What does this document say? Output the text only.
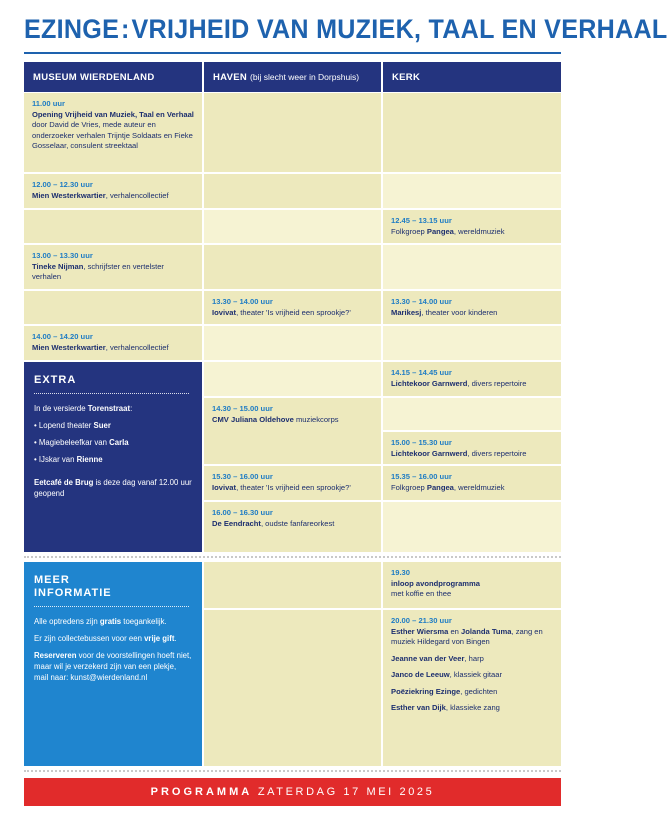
EZINGE:VRIJHEID VAN MUZIEK, TAAL EN VERHAAL
MUSEUM WIERDENLAND	HAVEN (bij slecht weer in Dorpshuis)	KERK
11.00 uur
Opening Vrijheid van Muziek, Taal en Verhaal door David de Vries, mede auteur en onderzoeker verhalen Trijntje Soldaats en Fieke Gosselaar, consulent streektaal
12.00 – 12.30 uur
Mien Westerkwartier, verhalencollectief
13.00 – 13.30 uur
Tineke Nijman, schrijfster en vertelster verhalen
14.00 – 14.20 uur
Mien Westerkwartier, verhalencollectief
EXTRA

In de versierde Torenstraat:

• Lopend theater Suer

• Magiebeleefkar van Carla

• IJskar van Rienne

Eetcafé de Brug is deze dag vanaf 12.00 uur geopend

13.30 – 14.00 uur
Iovivat, theater 'Is vrijheid een sprookje?'
14.30 – 15.00 uur
CMV Juliana Oldehove muziekcorps
15.30 – 16.00 uur
Iovivat, theater 'Is vrijheid een sprookje?'
16.00 – 16.30 uur
De Eendracht, oudste fanfareorkest
12.45 – 13.15 uur
Folkgroep Pangea, wereldmuziek
13.30 – 14.00 uur
Marikesj, theater voor kinderen
14.15 – 14.45 uur
Lichtekoor Garnwerd, divers repertoire
15.00 – 15.30 uur
Lichtekoor Garnwerd, divers repertoire
15.35 – 16.00 uur
Folkgroep Pangea, wereldmuziek
MEER INFORMATIE

Alle optredens zijn gratis toegankelijk.

Er zijn collectebussen voor een vrije gift.

Reserveren voor de voorstellingen hoeft niet, maar wil je verzekerd zijn van een plekje, mail naar: kunst@wierdenland.nl

19.30
inloop avondprogramma
met koffie en thee
20.00 – 21.30 uur
Esther Wiersma en Jolanda Tuma, zang en muziek Hildegard von Bingen
Jeanne van der Veer, harp
Janco de Leeuw, klassiek gitaar
Poëziekring Ezinge, gedichten
Esther van Dijk, klassieke zang
PROGRAMMA ZATERDAG 17 MEI 2025
